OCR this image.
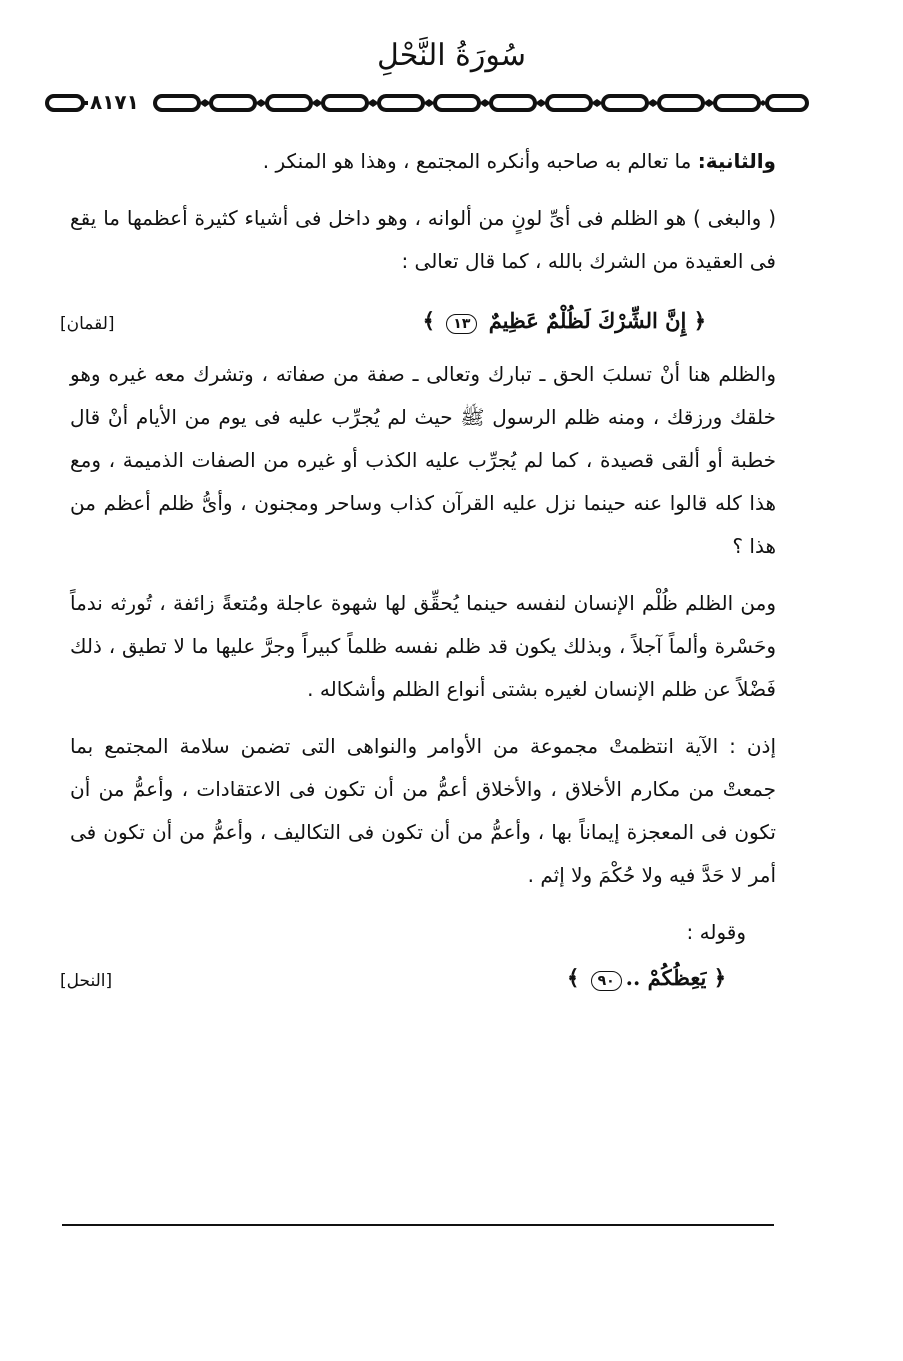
سُورَةُ النَّحْلِ
٨١٧١

والثانية: ما تعالم به صاحبه وأنكره المجتمع ، وهذا هو المنكر .

( والبغى ) هو الظلم فى أىِّ لونٍ من ألوانه ، وهو داخل فى أشياء كثيرة أعظمها ما يقع فى العقيدة من الشرك بالله ، كما قال تعالى :

﴿ إِنَّ الشِّرْكَ لَظُلْمٌ عَظِيمٌ ١٣ ﴾
[لقمان]

والظلم هنا أنْ تسلبَ الحق ـ تبارك وتعالى ـ صفة من صفاته ، وتشرك معه غيره وهو خلقك ورزقك ، ومنه ظلم الرسول ﷺ حيث لم يُجرِّب عليه فى يوم من الأيام أنْ قال خطبة أو ألقى قصيدة ، كما لم يُجرِّب عليه الكذب أو غيره من الصفات الذميمة ، ومع هذا كله قالوا عنه حينما نزل عليه القرآن كذاب وساحر ومجنون ، وأىُّ ظلم أعظم من هذا ؟

ومن الظلم ظُلْم الإنسان لنفسه حينما يُحقِّق لها شهوة عاجلة ومُتعةً زائفة ، تُورثه ندماً وحَسْرة وألماً آجلاً ، وبذلك يكون قد ظلم نفسه ظلماً كبيراً وجرَّ عليها ما لا تطيق ، ذلك فَضْلاً عن ظلم الإنسان لغيره بشتى أنواع الظلم وأشكاله .

إذن : الآية انتظمتْ مجموعة من الأوامر والنواهى التى تضمن سلامة المجتمع بما جمعتْ من مكارم الأخلاق ، والأخلاق أعمُّ من أن تكون فى الاعتقادات ، وأعمُّ من أن تكون فى المعجزة إيماناً بها ، وأعمُّ من أن تكون فى التكاليف ، وأعمُّ من أن تكون فى أمر لا حَدَّ فيه ولا حُكْمَ ولا إثم .

وقوله :

﴿ يَعِظُكُمْ ..٩٠ ﴾
[النحل]
